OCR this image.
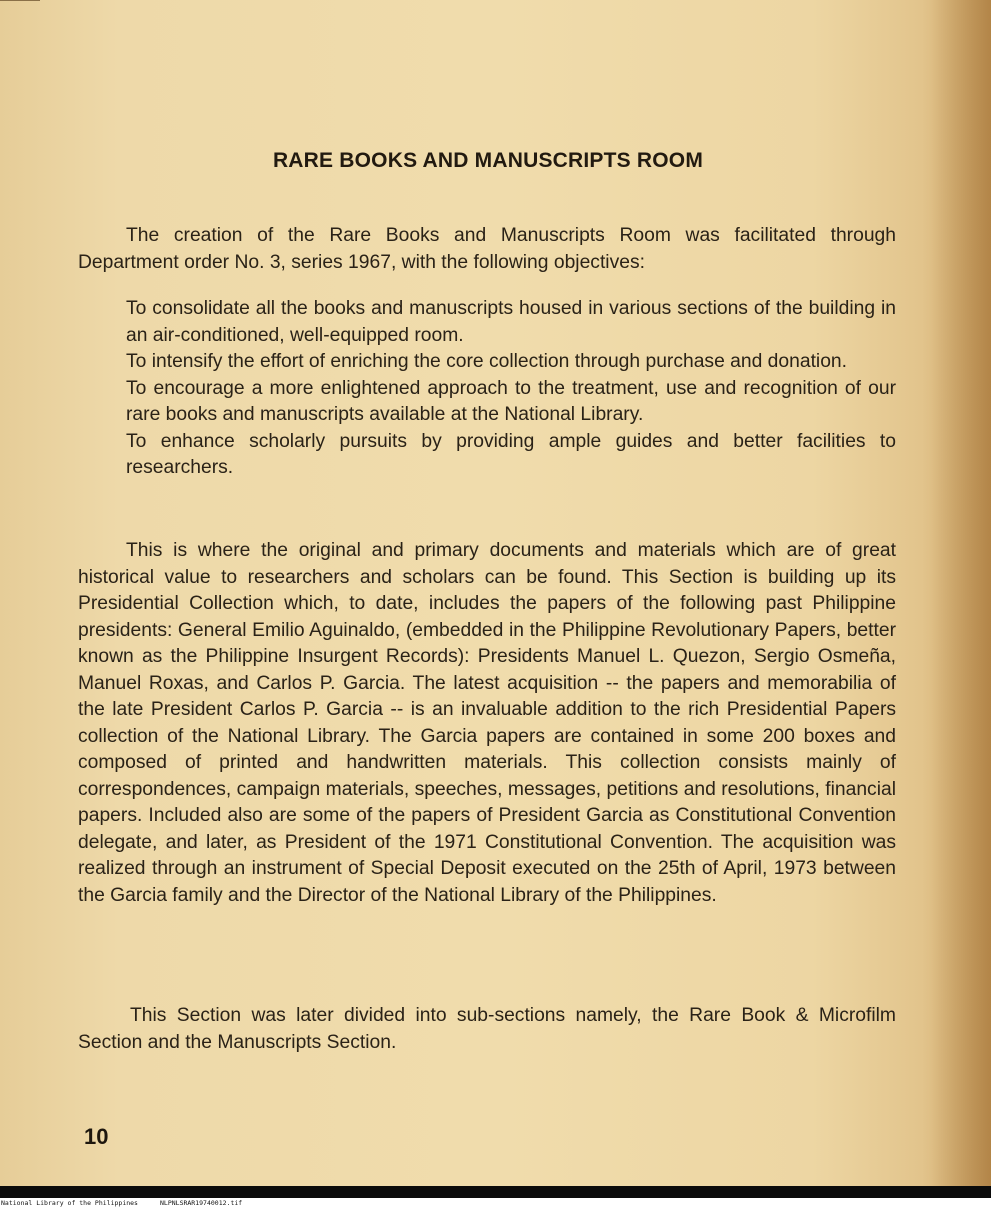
RARE BOOKS AND MANUSCRIPTS ROOM

The creation of the Rare Books and Manuscripts Room was facilitated through Department order No. 3, series 1967, with the following objectives:

To consolidate all the books and manuscripts housed in various sections of the building in an air-conditioned, well-equipped room.
To intensify the effort of enriching the core collection through purchase and donation.
To encourage a more enlightened approach to the treatment, use and recognition of our rare books and manuscripts available at the National Library.
To enhance scholarly pursuits by providing ample guides and better facilities to researchers.

This is where the original and primary documents and materials which are of great historical value to researchers and scholars can be found. This Section is building up its Presidential Collection which, to date, includes the papers of the following past Philippine presidents: General Emilio Aguinaldo, (embedded in the Philippine Revolutionary Papers, better known as the Philippine Insurgent Records): Presidents Manuel L. Quezon, Sergio Osmeña, Manuel Roxas, and Carlos P. Garcia. The latest acquisition -- the papers and memorabilia of the late President Carlos P. Garcia -- is an invaluable addition to the rich Presidential Papers collection of the National Library. The Garcia papers are contained in some 200 boxes and composed of printed and handwritten materials. This collection consists mainly of correspondences, campaign materials, speeches, messages, petitions and resolutions, financial papers. Included also are some of the papers of President Garcia as Constitutional Convention delegate, and later, as President of the 1971 Constitutional Convention. The acquisition was realized through an instrument of Special Deposit executed on the 25th of April, 1973 between the Garcia family and the Director of the National Library of the Philippines.

This Section was later divided into sub-sections namely, the Rare Book & Microfilm Section and the Manuscripts Section.

10
National Library of the Philippines	NLPNLSRAR19740012.tif
